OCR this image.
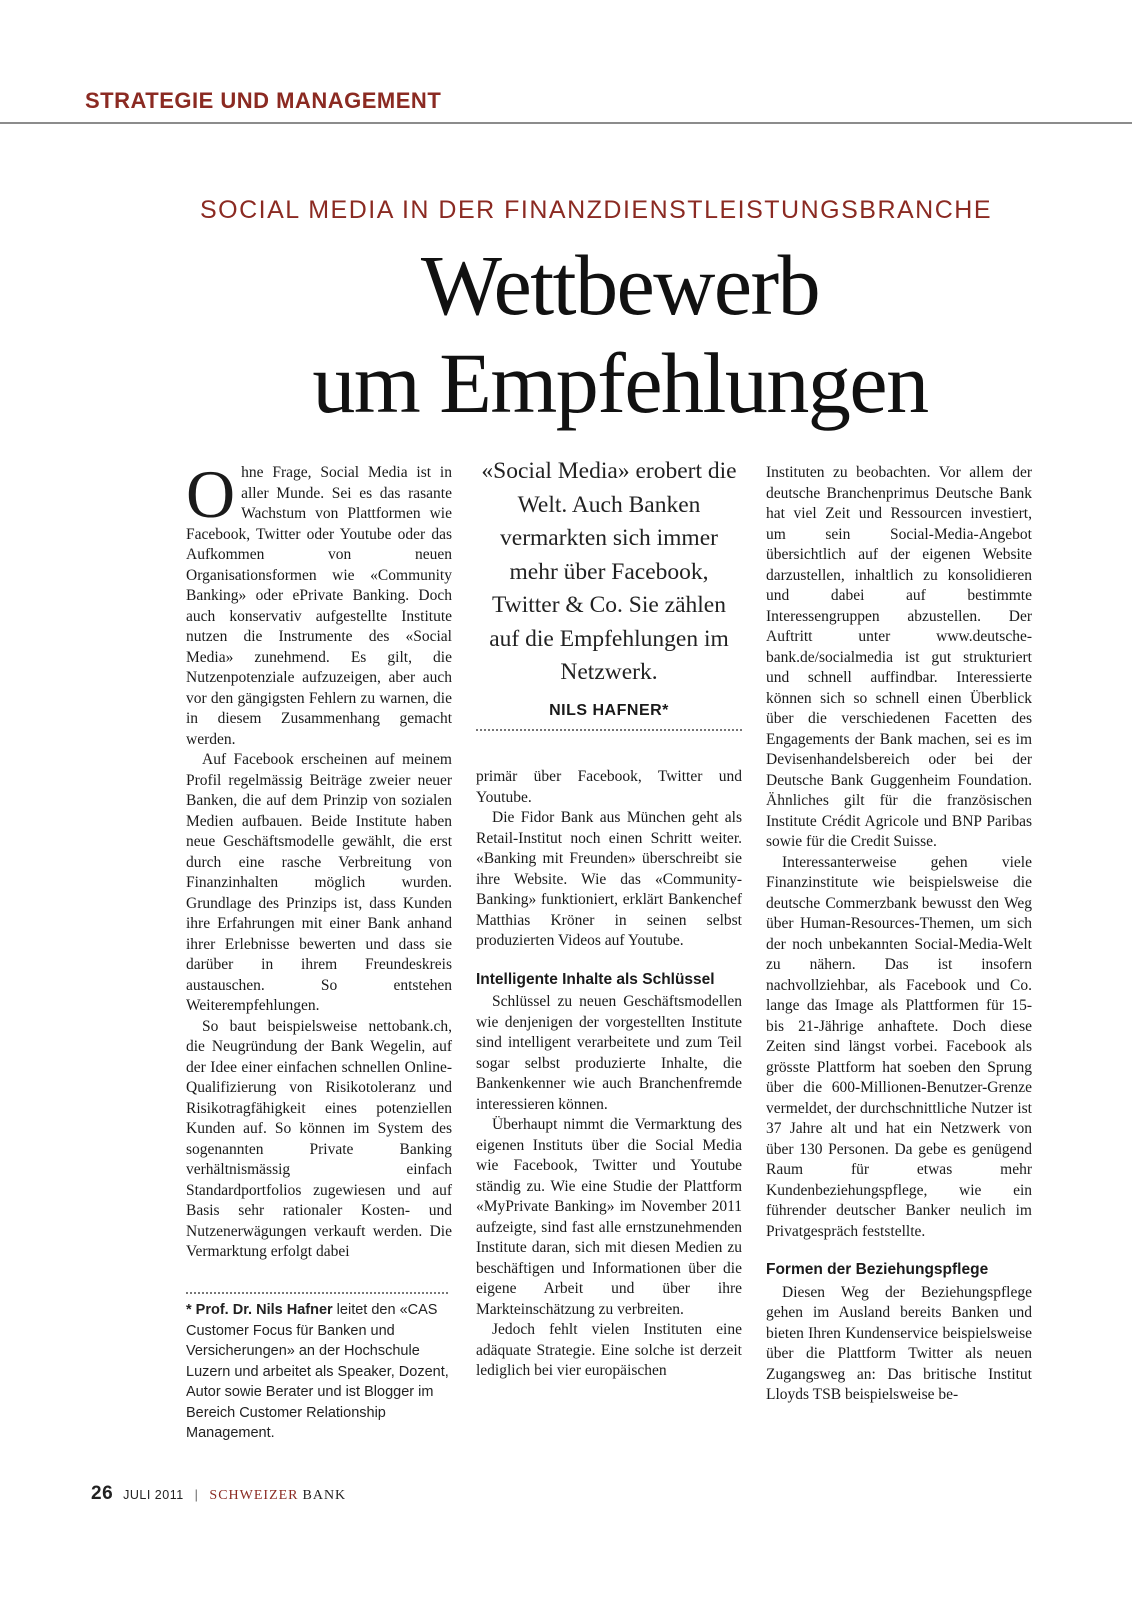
STRATEGIE UND MANAGEMENT
SOCIAL MEDIA IN DER FINANZDIENSTLEISTUNGSBRANCHE
Wettbewerb
um Empfehlungen

Ohne Frage, Social Media ist in aller Munde. Sei es das rasante Wachstum von Plattformen wie Facebook, Twitter oder Youtube oder das Aufkommen von neuen Organisationsformen wie «Community Banking» oder ePrivate Banking. Doch auch konservativ aufgestellte Institute nutzen die Instrumente des «Social Media» zunehmend. Es gilt, die Nutzenpotenziale aufzuzeigen, aber auch vor den gängigsten Fehlern zu warnen, die in diesem Zusammenhang gemacht werden.

Auf Facebook erscheinen auf meinem Profil regelmässig Beiträge zweier neuer Banken, die auf dem Prinzip von sozialen Medien aufbauen. Beide Institute haben neue Geschäftsmodelle gewählt, die erst durch eine rasche Verbreitung von Finanzinhalten möglich wurden. Grundlage des Prinzips ist, dass Kunden ihre Erfahrungen mit einer Bank anhand ihrer Erlebnisse bewerten und dass sie darüber in ihrem Freundeskreis austauschen. So entstehen Weiterempfehlungen.

So baut beispielsweise nettobank.ch, die Neugründung der Bank Wegelin, auf der Idee einer einfachen schnellen Online-Qualifizierung von Risikotoleranz und Risikotragfähigkeit eines potenziellen Kunden auf. So können im System des sogenannten Private Banking verhältnismässig einfach Standardportfolios zugewiesen und auf Basis sehr rationaler Kosten- und Nutzenerwägungen verkauft werden. Die Vermarktung erfolgt dabei

* Prof. Dr. Nils Hafner leitet den «CAS Customer Focus für Banken und Versicherungen» an der Hochschule Luzern und arbeitet als Speaker, Dozent, Autor sowie Berater und ist Blogger im Bereich Customer Relationship Management.
«Social Media» erobert die Welt. Auch Banken vermarkten sich immer mehr über Facebook, Twitter & Co. Sie zählen auf die Empfehlungen im Netzwerk.
NILS HAFNER*

primär über Facebook, Twitter und Youtube.

Die Fidor Bank aus München geht als Retail-Institut noch einen Schritt weiter. «Banking mit Freunden» überschreibt sie ihre Website. Wie das «Community-Banking» funktioniert, erklärt Bankenchef Matthias Kröner in seinen selbst produzierten Videos auf Youtube.

Intelligente Inhalte als Schlüssel

Schlüssel zu neuen Geschäftsmodellen wie denjenigen der vorgestellten Institute sind intelligent verarbeitete und zum Teil sogar selbst produzierte Inhalte, die Bankenkenner wie auch Branchenfremde interessieren können.

Überhaupt nimmt die Vermarktung des eigenen Instituts über die Social Media wie Facebook, Twitter und Youtube ständig zu. Wie eine Studie der Plattform «MyPrivate Banking» im November 2011 aufzeigte, sind fast alle ernstzunehmenden Institute daran, sich mit diesen Medien zu beschäftigen und Informationen über die eigene Arbeit und über ihre Markteinschätzung zu verbreiten.

Jedoch fehlt vielen Instituten eine adäquate Strategie. Eine solche ist derzeit lediglich bei vier europäischen

Instituten zu beobachten. Vor allem der deutsche Branchenprimus Deutsche Bank hat viel Zeit und Ressourcen investiert, um sein Social-Media-Angebot übersichtlich auf der eigenen Website darzustellen, inhaltlich zu konsolidieren und dabei auf bestimmte Interessengruppen abzustellen. Der Auftritt unter www.deutsche-bank.de/socialmedia ist gut strukturiert und schnell auffindbar. Interessierte können sich so schnell einen Überblick über die verschiedenen Facetten des Engagements der Bank machen, sei es im Devisenhandelsbereich oder bei der Deutsche Bank Guggenheim Foundation. Ähnliches gilt für die französischen Institute Crédit Agricole und BNP Paribas sowie für die Credit Suisse.

Interessanterweise gehen viele Finanzinstitute wie beispielsweise die deutsche Commerzbank bewusst den Weg über Human-Resources-Themen, um sich der noch unbekannten Social-Media-Welt zu nähern. Das ist insofern nachvollziehbar, als Facebook und Co. lange das Image als Plattformen für 15- bis 21-Jährige anhaftete. Doch diese Zeiten sind längst vorbei. Facebook als grösste Plattform hat soeben den Sprung über die 600-Millionen-Benutzer-Grenze vermeldet, der durchschnittliche Nutzer ist 37 Jahre alt und hat ein Netzwerk von über 130 Personen. Da gebe es genügend Raum für etwas mehr Kundenbeziehungspflege, wie ein führender deutscher Banker neulich im Privatgespräch feststellte.

Formen der Beziehungspflege

Diesen Weg der Beziehungspflege gehen im Ausland bereits Banken und bieten Ihren Kundenservice beispielsweise über die Plattform Twitter als neuen Zugangsweg an: Das britische Institut Lloyds TSB beispielsweise be-

26 JULI 2011 | SCHWEIZER BANK
